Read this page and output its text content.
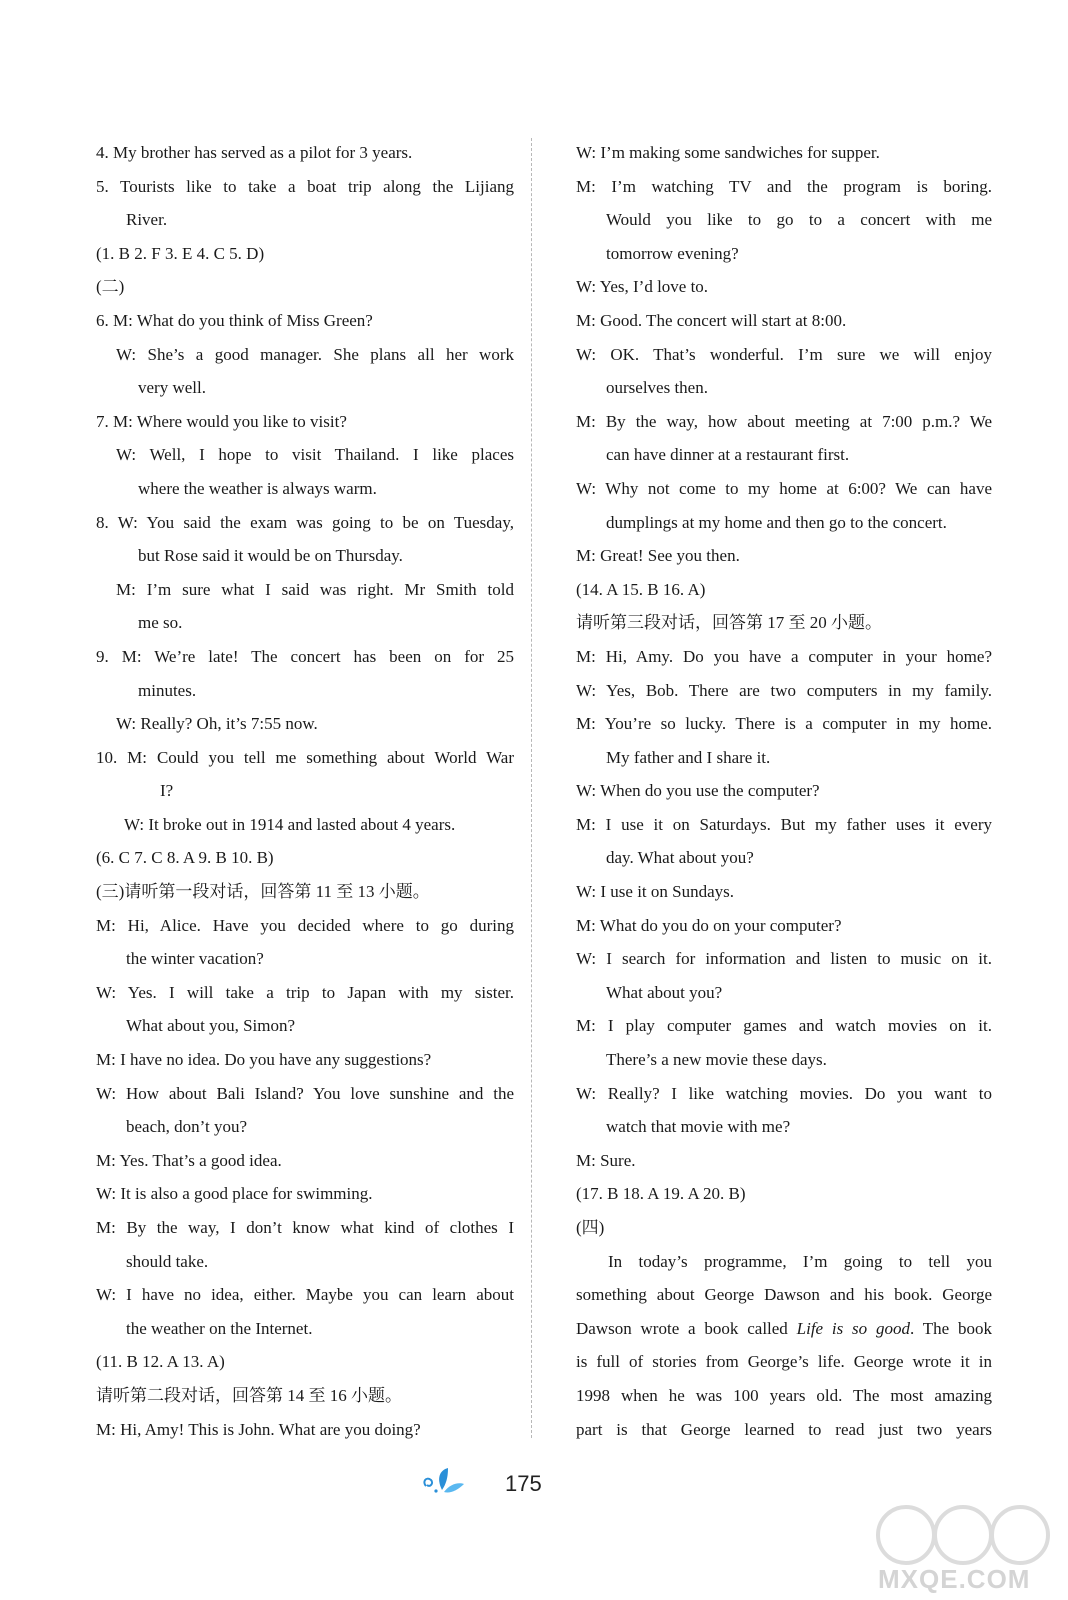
4. My brother has served as a pilot for 3 years.
5. Tourists like to take a boat trip along the Lijiang
River.
(1. B 2. F 3. E 4. C 5. D)
(二)
6. M: What do you think of Miss Green?
W: She’s a good manager. She plans all her work
very well.
7. M: Where would you like to visit?
W: Well, I hope to visit Thailand. I like places
where the weather is always warm.
8. W: You said the exam was going to be on Tuesday,
but Rose said it would be on Thursday.
M: I’m sure what I said was right. Mr Smith told
me so.
9. M: We’re late! The concert has been on for 25
minutes.
W: Really? Oh, it’s 7:55 now.
10. M: Could you tell me something about World War
I?
W: It broke out in 1914 and lasted about 4 years.
(6. C 7. C 8. A 9. B 10. B)
(三)请听第一段对话，回答第 11 至 13 小题。
M: Hi, Alice. Have you decided where to go during
the winter vacation?
W: Yes. I will take a trip to Japan with my sister.
What about you, Simon?
M: I have no idea. Do you have any suggestions?
W: How about Bali Island? You love sunshine and the
beach, don’t you?
M: Yes. That’s a good idea.
W: It is also a good place for swimming.
M: By the way, I don’t know what kind of clothes I
should take.
W: I have no idea, either. Maybe you can learn about
the weather on the Internet.
(11. B 12. A 13. A)
请听第二段对话，回答第 14 至 16 小题。
M: Hi, Amy! This is John. What are you doing?
W: I’m making some sandwiches for supper.
M: I’m watching TV and the program is boring.
Would you like to go to a concert with me
tomorrow evening?
W: Yes, I’d love to.
M: Good. The concert will start at 8:00.
W: OK. That’s wonderful. I’m sure we will enjoy
ourselves then.
M: By the way, how about meeting at 7:00 p.m.? We
can have dinner at a restaurant first.
W: Why not come to my home at 6:00? We can have
dumplings at my home and then go to the concert.
M: Great! See you then.
(14. A 15. B 16. A)
请听第三段对话，回答第 17 至 20 小题。
M: Hi, Amy. Do you have a computer in your home?
W: Yes, Bob. There are two computers in my family.
M: You’re so lucky. There is a computer in my home.
My father and I share it.
W: When do you use the computer?
M: I use it on Saturdays. But my father uses it every
day. What about you?
W: I use it on Sundays.
M: What do you do on your computer?
W: I search for information and listen to music on it.
What about you?
M: I play computer games and watch movies on it.
There’s a new movie these days.
W: Really? I like watching movies. Do you want to
watch that movie with me?
M: Sure.
(17. B 18. A 19. A 20. B)
(四)
In today’s programme, I’m going to tell you
something about George Dawson and his book. George
Dawson wrote a book called Life is so good. The book
is full of stories from George’s life. George wrote it in
1998 when he was 100 years old. The most amazing
part is that George learned to read just two years
175
MXQE.COM
